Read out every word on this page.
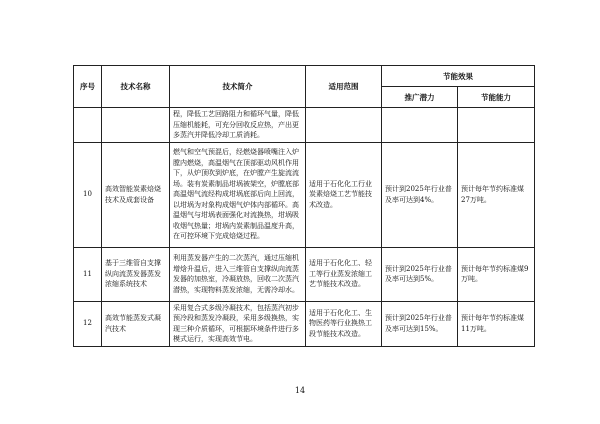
序号	技术名称	技术简介	适用范围	节能效果	
				推广潜力	节能能力
		程，降低工艺回路阻力和循环气量，降低压缩机能耗，可充分回收反应热，产出更多蒸汽并降低冷却工质消耗。			
10	高效智能炭素焙烧技术及成套设备	燃气和空气预混后，经燃烧器喷嘴注入炉膛内燃烧，高温烟气在顶部驱动风机作用下，从炉顶吹到炉底，在炉膛产生旋流流场。装有炭素制品坩埚被架空，炉膛底部高温烟气流经构成坩埚底部后向上回流，以坩埚为对象构成烟气炉体内部循环。高温烟气与坩埚表面强化对流换热，坩埚吸收烟气热量；坩埚内炭素制品温度升高，在可控环境下完成焙烧过程。	适用于石化化工行业炭素焙烧工艺节能技术改造。	预计到2025年行业普及率可达到4%。	预计每年节约标准煤27万吨。
11	基于三维管自支撑纵向流蒸发器蒸发浓缩系统技术	利用蒸发器产生的二次蒸汽，通过压缩机增焓升温后，进入三维管自支撑纵向流蒸发器的加热室，冷凝放热，回收二次蒸汽潜热，实现物料蒸发浓缩，无需冷却水。	适用于石化化工、轻工等行业蒸发浓缩工艺节能技术改造。	预计到2025年行业普及率可达到5%。	预计每年节约标准煤9万吨。
12	高效节能蒸发式凝汽技术	采用复合式多级冷凝技术，包括蒸汽初步预冷段和蒸发冷凝段，采用多级换热，实现三种介质循环，可根据环境条件进行多模式运行，实现高效节电。	适用于石化化工、生物医药等行业换热工段节能技术改造。	预计到2025年行业普及率可达到15%。	预计每年节约标准煤11万吨。
14
